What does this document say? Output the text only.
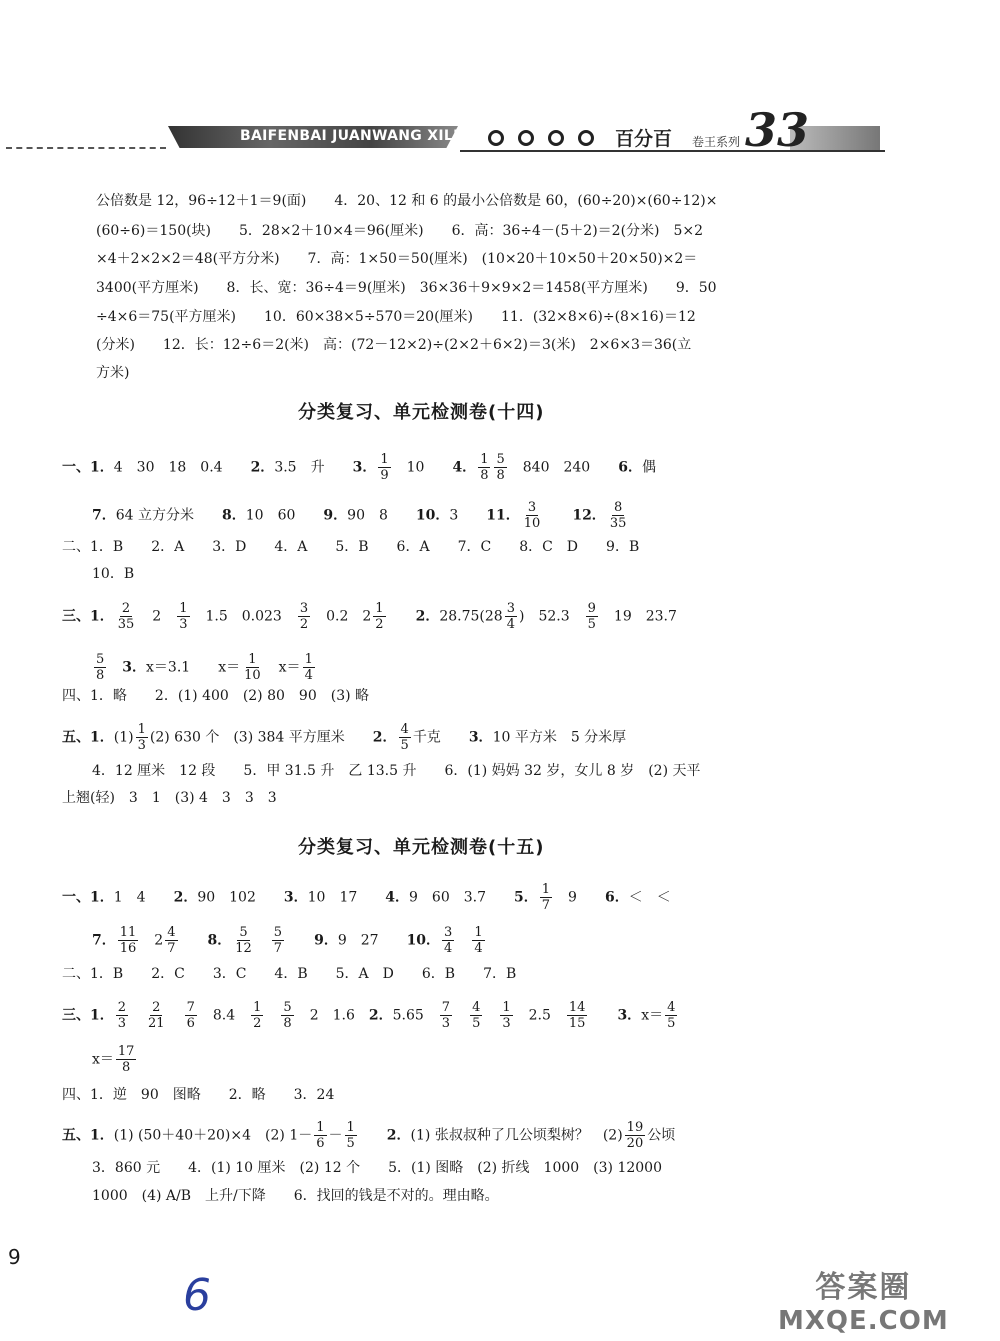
BAIFENBAI JUANWANG XILIE	百分百 卷王系列 33
公倍数是 12，96÷12＋1＝9(面)　　4．20、12 和 6 的最小公倍数是 60，(60÷20)×(60÷12)×
(60÷6)＝150(块)　　5．28×2＋10×4＝96(厘米)　　6．高：36÷4－(5＋2)＝2(分米)　5×2
×4＋2×2×2＝48(平方分米)　　7．高：1×50＝50(厘米)　(10×20＋10×50＋20×50)×2＝
3400(平方厘米)　　8．长、宽：36÷4＝9(厘米)　36×36＋9×9×2＝1458(平方厘米)　　9．50
÷4×6＝75(平方厘米)　　10．60×38×5÷570＝20(厘米)　　11．(32×8×6)÷(8×16)＝12
(分米)　　12．长：12÷6＝2(米)　高：(72－12×2)÷(2×2＋6×2)＝3(米)　2×6×3＝36(立
方米)
分类复习、单元检测卷(十四)
一、1．4　30　18　0.4　　 2．3.5　升　　 3． $\frac{1}{9}$
　 10　　 4． $\frac{1}{8} \frac{5}{8}$
　 840　240　　 6．偶
7．64 立方分米　　 8．10　60　　 9．90　8　　 10．3　　 11． $\frac{3}{10}$
　　 12． $\frac{8}{35}$
二、1．B　　2．A　　3．D　　4．A　　5．B　　6．A　　7．C　　8．C　D　　9．B
10．B
三、1． $\frac{2}{35}$
　 2　 $\frac{1}{3}$
　 1.5　0.023　 $\frac{3}{2}$
　 0.2　$2 \frac{1}{2}$
　　 2．$28.75(28 \frac{3}{4}$ )　 52.3　 $\frac{9}{5}$
　 19　23.7
$\frac{5}{8}$
　 3．x＝3.1　　 $x= \frac{1}{10}$
　 $x= \frac{1}{4}$
四、1．略　　2．(1) 400　(2) 80　90　(3) 略
五、1．$(1) \frac{1}{3} (2)$ 630 个　(3) 384 平方厘米　　 2． $\frac{4}{5}$ 千克　　 3．10 平方米　5 分米厚
4．12 厘米　12 段　　5．甲 31.5 升　乙 13.5 升　　6．(1) 妈妈 32 岁，女儿 8 岁　(2) 天平
上翘(轻)　3　1　(3) 4　3　3　3
分类复习、单元检测卷(十五)
一、1．1　4　　 2．90　102　　 3．10　17　　 4．9　60　3.7　　 5． $\frac{1}{7}$
　 9　　 6．＜　＜
7． $\frac{11}{16}$
　 $2 \frac{4}{7}$
　　 8． $\frac{5}{12}$
　 $\frac{5}{7}$
　　 9．9　27　　 10． $\frac{3}{4}$
　 $\frac{1}{4}$
二、1．B　　2．C　　3．C　　4．B　　5．A　D　　6．B　　7．B
三、1． $\frac{2}{3}$
　 $\frac{2}{21}$
　 $\frac{7}{6}$
　 8.4　 $\frac{1}{2}$
　 $\frac{5}{8}$
　 2　1.6　 2．5.65　 $\frac{7}{3}$
　 $\frac{4}{5}$
　 $\frac{1}{3}$
　 2.5　 $\frac{14}{15}$
　　 3．$x= \frac{4}{5}$
$x= \frac{17}{8}$
四、1．逆　90　图略　　2．略　　3．24
五、1．(1) (50＋40＋20)×4　(2) $1- \frac{1}{6} - \frac{1}{5}$
　　 2．(1) 张叔叔种了几公顷梨树？　$(2) \frac{19}{20}$ 公顷
3．860 元　　4．(1) 10 厘米　(2) 12 个　　5．(1) 图略　(2) 折线　1000　(3) 12000
1000　(4) A/B　上升/下降　　6．找回的钱是不对的。理由略。
9
6	答案圈
MXQE.COM
